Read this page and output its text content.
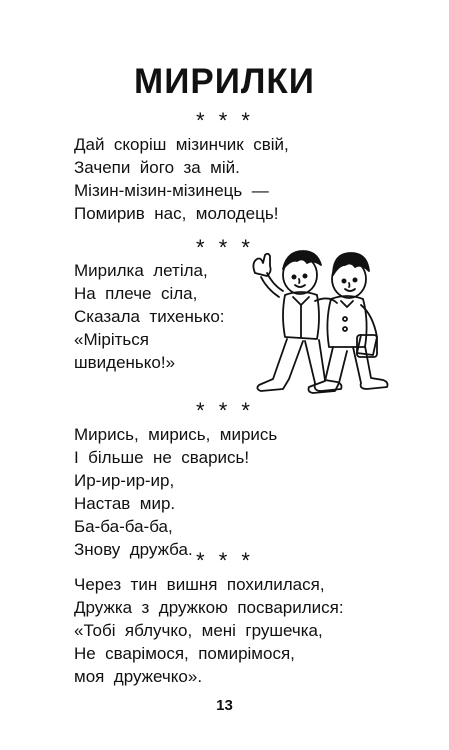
МИРИЛКИ
* * *
Дай  скоріш  мізинчик  свій,
Зачепи  його  за  мій.
Мізин-мізин-мізинець  —
Помирив  нас,  молодець!
* * *
Мирилка  летіла,
На  плече  сіла,
Сказала  тихенько:
«Міріться
швиденько!»
* * *
Мирись,  мирись,  мирись
І  більше  не  сварись!
Ир-ир-ир-ир,
Настав  мир.
Ба-ба-ба-ба,
Знову  дружба. * * *
Через  тин  вишня  похилилася,
Дружка  з  дружкою  посварилися:
«Тобі  яблучко,  мені  грушечка,
Не  сварімося,  помирімося,
моя  дружечко».
13
